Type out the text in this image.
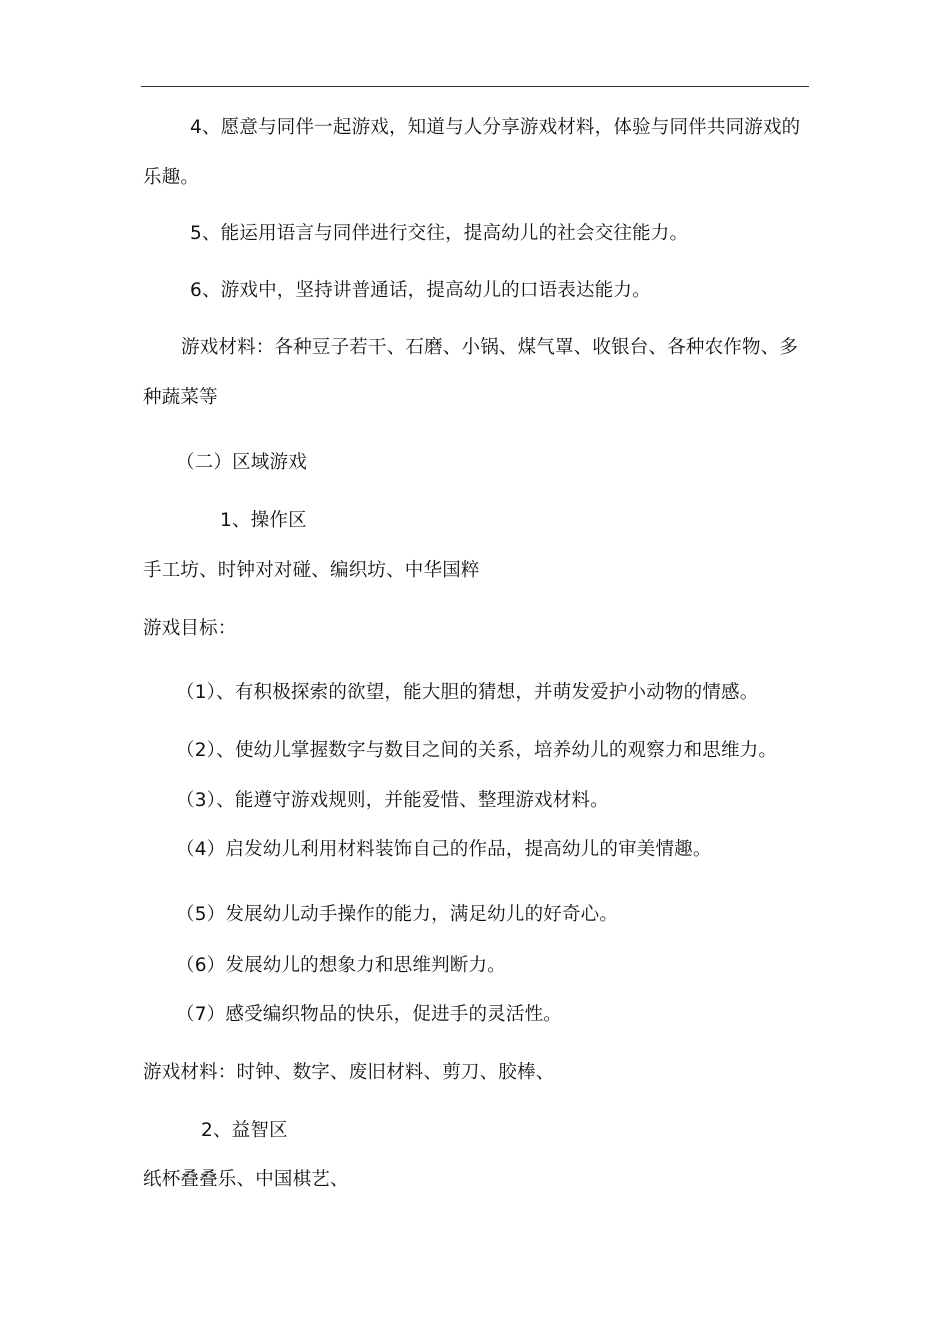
4、愿意与同伴一起游戏，知道与人分享游戏材料，体验与同伴共同游戏的
乐趣。
5、能运用语言与同伴进行交往，提高幼儿的社会交往能力。
6、游戏中，坚持讲普通话，提高幼儿的口语表达能力。
游戏材料：各种豆子若干、石磨、小锅、煤气罩、收银台、各种农作物、多
种蔬菜等
（二）区域游戏
1、操作区
手工坊、时钟对对碰、编织坊、中华国粹
游戏目标：
（1）、有积极探索的欲望，能大胆的猜想，并萌发爱护小动物的情感。
（2）、使幼儿掌握数字与数目之间的关系，培养幼儿的观察力和思维力。
（3）、能遵守游戏规则，并能爱惜、整理游戏材料。
（4）启发幼儿利用材料装饰自己的作品，提高幼儿的审美情趣。
（5）发展幼儿动手操作的能力，满足幼儿的好奇心。
（6）发展幼儿的想象力和思维判断力。
（7）感受编织物品的快乐，促进手的灵活性。
游戏材料：时钟、数字、废旧材料、剪刀、胶棒、
2、益智区
纸杯叠叠乐、中国棋艺、
